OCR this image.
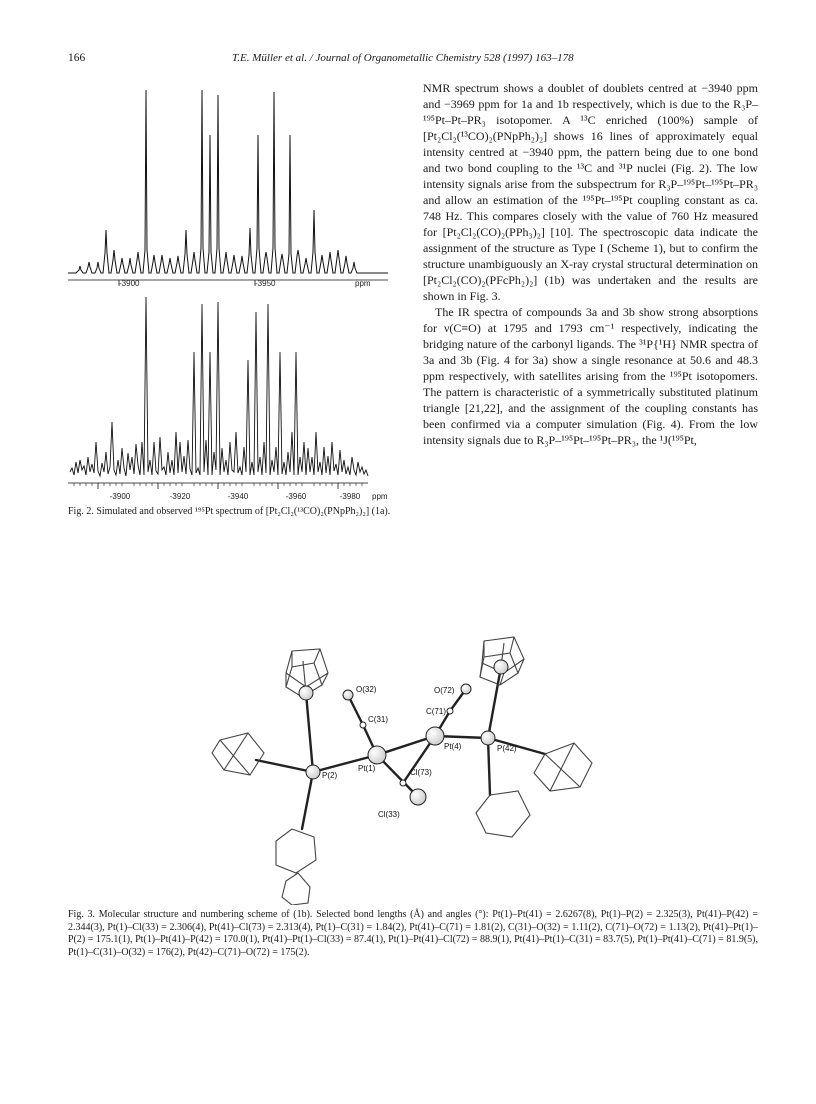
166	T.E. Müller et al. / Journal of Organometallic Chemistry 528 (1997) 163–178
-3900	-3950	ppm
-3900	-3920	-3940	-3960	-3980 ppm
Fig. 2. Simulated and observed ¹⁹⁵Pt spectrum of [Pt₂Cl₂(¹³CO)₂(PNpPh₂)₂] (1a).

NMR spectrum shows a doublet of doublets centred at −3940 ppm and −3969 ppm for 1a and 1b respectively, which is due to the R₃P–¹⁹⁵Pt–Pt–PR₃ isotopomer. A ¹³C enriched (100%) sample of [Pt₂Cl₂(¹³CO)₂(PNpPh₂)₂] shows 16 lines of approximately equal intensity centred at −3940 ppm, the pattern being due to one bond and two bond coupling to the ¹³C and ³¹P nuclei (Fig. 2). The low intensity signals arise from the subspectrum for R₃P–¹⁹⁵Pt–¹⁹⁵Pt–PR₃ and allow an estimation of the ¹⁹⁵Pt–¹⁹⁵Pt coupling constant as ca. 748 Hz. This compares closely with the value of 760 Hz measured for [Pt₂Cl₂(CO)₂(PPh₃)₂] [10]. The spectroscopic data indicate the assignment of the structure as Type I (Scheme 1), but to confirm the structure unambiguously an X-ray crystal structural determination on [Pt₂Cl₂(CO)₂(PFcPh₂)₂] (1b) was undertaken and the results are shown in Fig. 3.

The IR spectra of compounds 3a and 3b show strong absorptions for ν(C≡O) at 1795 and 1793 cm⁻¹ respectively, indicating the bridging nature of the carbonyl ligands. The ³¹P{¹H} NMR spectra of 3a and 3b (Fig. 4 for 3a) show a single resonance at 50.6 and 48.3 ppm respectively, with satellites arising from the ¹⁹⁵Pt isotopomers. The pattern is characteristic of a symmetrically substituted platinum triangle [21,22], and the assignment of the coupling constants has been confirmed via a computer simulation (Fig. 4). From the low intensity signals due to R₃P–¹⁹⁵Pt–¹⁹⁵Pt–PR₃, the ¹J(¹⁹⁵Pt,

O(32)
C(31)
O(72)
C(71)
Pt(4)	P(42)
Pt(1)
P(2)	Cl(73)
Cl(33)
Fig. 3. Molecular structure and numbering scheme of (1b). Selected bond lengths (Å) and angles (°): Pt(1)–Pt(41) = 2.6267(8), Pt(1)–P(2) = 2.325(3), Pt(41)–P(42) = 2.344(3), Pt(1)–Cl(33) = 2.306(4), Pt(41)–Cl(73) = 2.313(4), Pt(1)–C(31) = 1.84(2), Pt(41)–C(71) = 1.81(2), C(31)–O(32) = 1.11(2), C(71)–O(72) = 1.13(2), Pt(41)–Pt(1)–P(2) = 175.1(1), Pt(1)–Pt(41)–P(42) = 170.0(1), Pt(41)–Pt(1)–Cl(33) = 87.4(1), Pt(1)–Pt(41)–Cl(72) = 88.9(1), Pt(41)–Pt(1)–C(31) = 83.7(5), Pt(1)–Pt(41)–C(71) = 81.9(5), Pt(1)–C(31)–O(32) = 176(2), Pt(42)–C(71)–O(72) = 175(2).
